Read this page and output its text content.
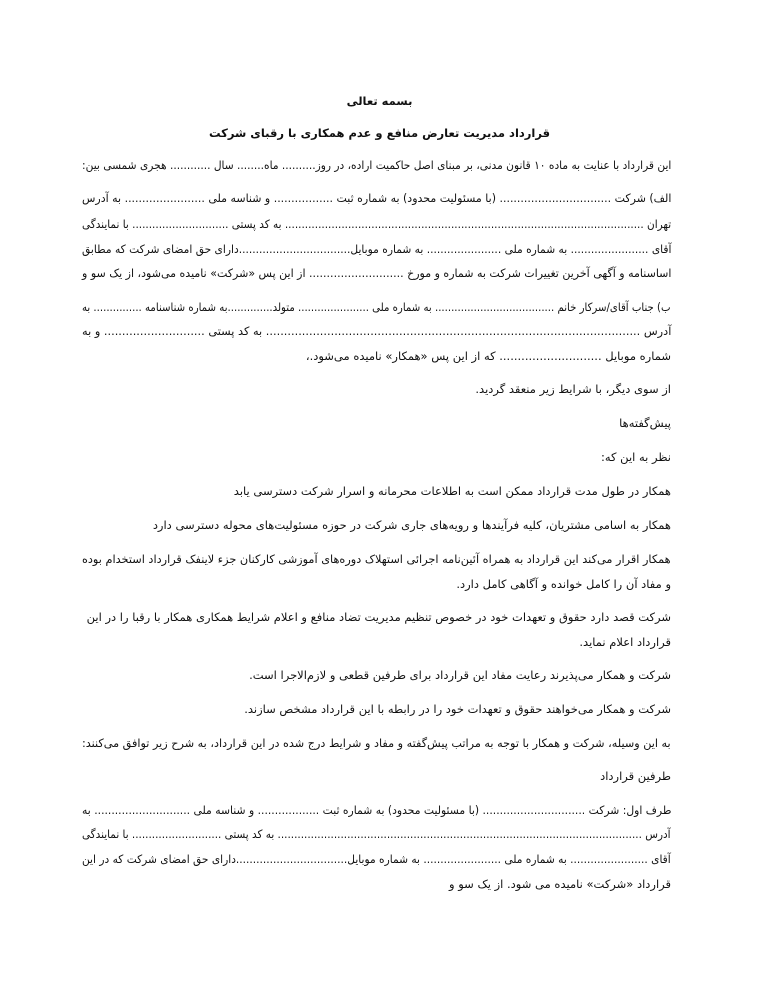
بسمه تعالی
قرارداد مدیریت تعارض منافع و عدم همکاری با رقبای شرکت
این قرارداد با عنایت به ماده ۱۰ قانون مدنی، بر مبنای اصل حاکمیت اراده، در روز.......... ماه........ سال ............ هجری شمسی بین:
الف) شرکت ................................ (با مسئولیت محدود) به شماره ثبت ................. و شناسه ملی ....................... به آدرس
تهران ............................................................................................................ به کد پستی ............................. با نمایندگی
آقای ....................... به شماره ملی ...................... به شماره موبایل.................................دارای حق امضای شرکت که مطابق
اساسنامه و آگهی آخرین تغییرات شرکت به شماره و مورخ ........................... از این پس «شرکت» نامیده می‌شود، از یک سو و
ب) جناب آقای/سرکار خانم ..................................... به شماره ملی ...................... متولد..............به شماره شناسنامه ............... به
آدرس ........................................................................................................ به کد پستی ............................ و به
شماره موبایل ............................ که از این پس «همکار» نامیده می‌شود.،
از سوی دیگر، با شرایط زیر منعقد گردید.
پیش‌گفته‌ها
نظر به این که:
همکار در طول مدت قرارداد ممکن است به اطلاعات محرمانه و اسرار شرکت دسترسی یابد
همکار به اسامی مشتریان، کلیه فرآیندها و رویه‌های جاری شرکت در حوزه مسئولیت‌های محوله دسترسی دارد
همکار اقرار می‌کند این قرارداد به همراه آئین‌نامه اجرائی استهلاک دوره‌های آموزشی کارکنان جزء لاینفک قرارداد استخدام بوده
و مفاد آن را کامل خوانده و آگاهی کامل دارد.
شرکت قصد دارد حقوق و تعهدات خود در خصوص تنظیم مدیریت تضاد منافع و اعلام شرایط همکاری همکار با رقبا را در این
قرارداد اعلام نماید.
شرکت و همکار می‌پذیرند رعایت مفاد این قرارداد برای طرفین قطعی و لازم‌الاجرا است.
شرکت و همکار می‌خواهند حقوق و تعهدات خود را در رابطه با این قرارداد مشخص سازند.
به این وسیله، شرکت و همکار با توجه به مراتب پیش‌گفته و مفاد و شرایط درج شده در این قرارداد، به شرح زیر توافق می‌کنند:
طرفین قرارداد
طرف اول: شرکت .............................. (با مسئولیت محدود) به شماره ثبت .................. و شناسه ملی ............................ به
آدرس .............................................................................................................. به کد پستی ........................... با نمایندگی
آقای ....................... به شماره ملی ....................... به شماره موبایل.................................دارای حق امضای شرکت که در این
قرارداد «شرکت» نامیده می شود. از یک سو و
